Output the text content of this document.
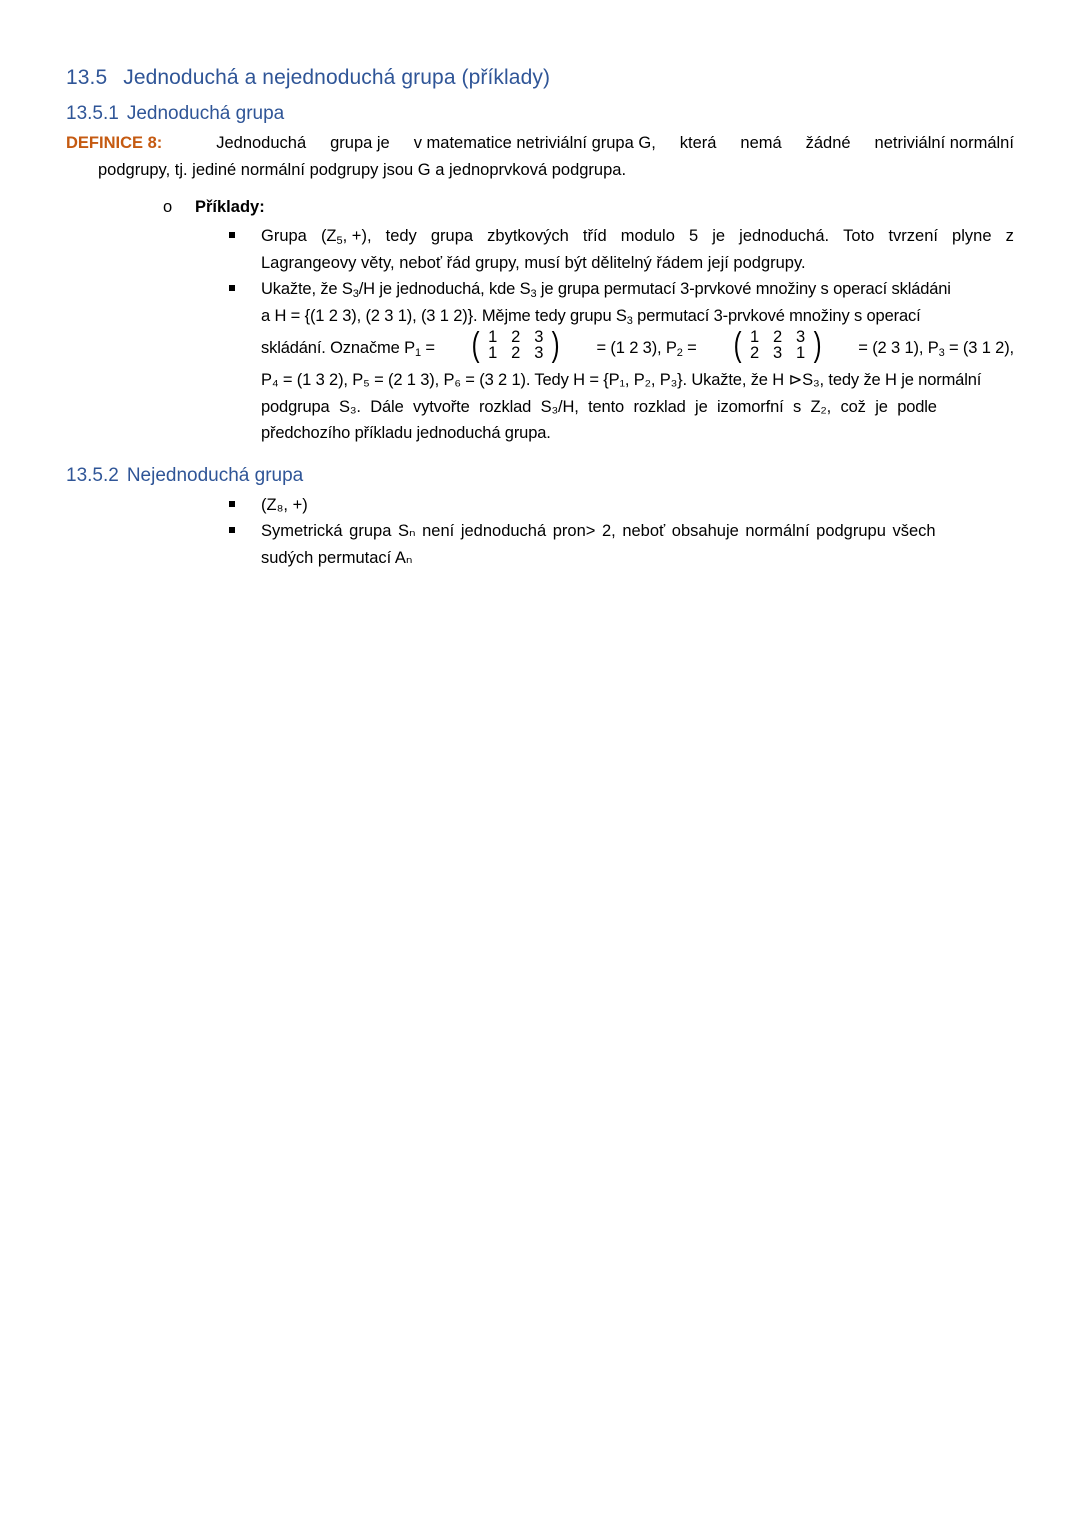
13.5 Jednoduchá a nejednoduchá grupa (příklady)
13.5.1 Jednoduchá grupa
DEFINICE 8:	Jednoduchá grupa je v matematice netriviální grupa G, která nemá žádné netriviální normální
podgrupy, tj. jediné normální podgrupy jsou G a jednoprvková podgrupa.
o Příklady:
Grupa ($Z_5$, +), tedy grupa zbytkových tříd modulo 5 je jednoduchá. Toto tvrzení plyne z
Lagrangeovy věty, neboť řád grupy, musí být dělitelný řádem její podgrupy.
Ukažte, že $S_3/H$ je jednoduchá, kde $S_3$ je grupa permutací 3-prvkové množiny s operací skládáni
a H = {(1 2 3), (2 3 1), (3 1 2)}. Mějme tedy grupu $S_3$ permutací 3-prvkové množiny s operací
skládání. Označme $P_1$ = ( 1	2	3
1	2	3 ) = (1 2 3), $P_2$ = ( 1	2	3
2	3	1 ) = (2 3 1), $P_3 = (3$ 1 2),
P₄ = (1 3 2), P₅ = (2 1 3), P₆ = (3 2 1). Tedy H = {P₁, P₂, P₃}. Ukažte, že H ⊳S₃, tedy že H je normální
podgrupa S₃. Dále vytvořte rozklad S₃/H, tento rozklad je izomorfní s Z₂, což je podle
předchozího příkladu jednoduchá grupa.
13.5.2 Nejednoduchá grupa
(Z₈, +)
Symetrická grupa Sₙ není jednoduchá pron> 2, neboť obsahuje normální podgrupu všech
sudých permutací Aₙ
